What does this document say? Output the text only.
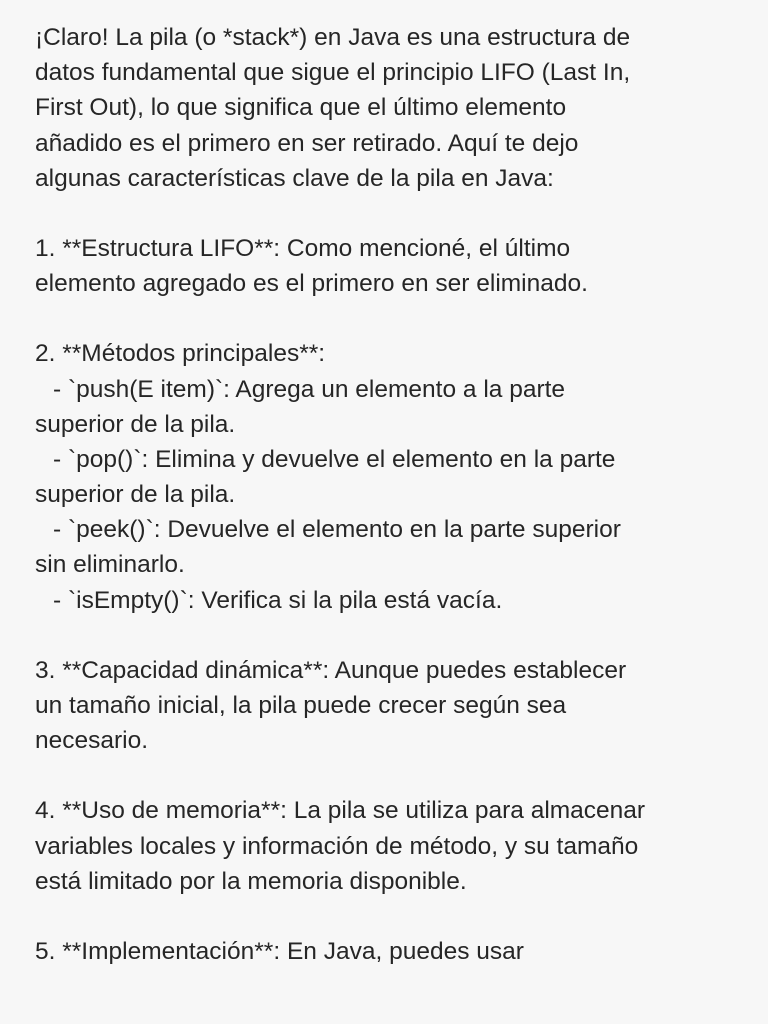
¡Claro! La pila (o *stack*) en Java es una estructura de
datos fundamental que sigue el principio LIFO (Last In,
First Out), lo que significa que el último elemento
añadido es el primero en ser retirado. Aquí te dejo
algunas características clave de la pila en Java:
1. **Estructura LIFO**: Como mencioné, el último
elemento agregado es el primero en ser eliminado.
2. **Métodos principales**:
- `push(E item)`: Agrega un elemento a la parte
superior de la pila.
- `pop()`: Elimina y devuelve el elemento en la parte
superior de la pila.
- `peek()`: Devuelve el elemento en la parte superior
sin eliminarlo.
- `isEmpty()`: Verifica si la pila está vacía.
3. **Capacidad dinámica**: Aunque puedes establecer
un tamaño inicial, la pila puede crecer según sea
necesario.
4. **Uso de memoria**: La pila se utiliza para almacenar
variables locales y información de método, y su tamaño
está limitado por la memoria disponible.
5. **Implementación**: En Java, puedes usar
